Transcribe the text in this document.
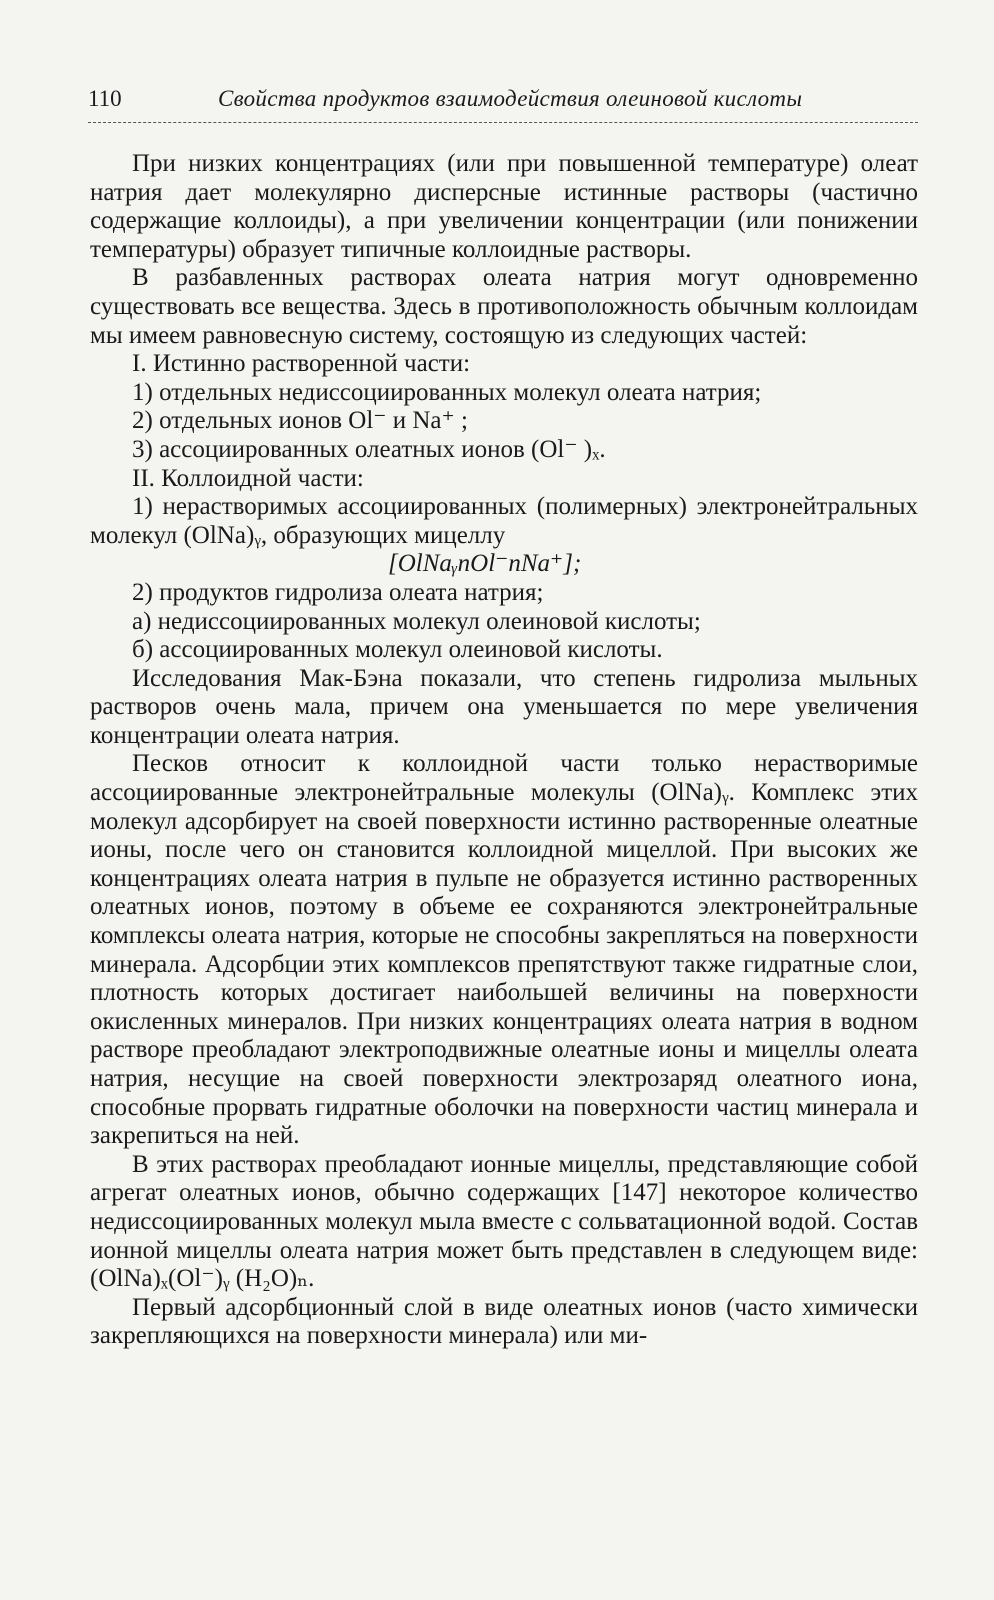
110	Свойства продуктов взаимодействия олеиновой кислоты

При низких концентрациях (или при повышенной температуре) олеат натрия дает молекулярно дисперсные истинные растворы (частично содержащие коллоиды), а при увеличении концентрации (или понижении температуры) образует типичные коллоидные растворы.

В разбавленных растворах олеата натрия могут одновременно существовать все вещества. Здесь в противоположность обычным коллоидам мы имеем равновесную систему, состоящую из следующих частей:

I. Истинно растворенной части:

1) отдельных недиссоциированных молекул олеата натрия;

2) отдельных ионов Ol⁻ и Na⁺ ;

3) ассоциированных олеатных ионов (Ol⁻ )ₓ.

II. Коллоидной части:

1) нерастворимых ассоциированных (полимерных) электронейтральных молекул (OlNa)ᵧ, образующих мицеллу

[OlNaᵧnOl⁻nNa⁺];

2) продуктов гидролиза олеата натрия;

а) недиссоциированных молекул олеиновой кислоты;

б) ассоциированных молекул олеиновой кислоты.

Исследования Мак-Бэна показали, что степень гидролиза мыльных растворов очень мала, причем она уменьшается по мере увеличения концентрации олеата натрия.

Песков относит к коллоидной части только нерастворимые ассоциированные электронейтральные молекулы (OlNa)ᵧ. Комплекс этих молекул адсорбирует на своей поверхности истинно растворенные олеатные ионы, после чего он становится коллоидной мицеллой. При высоких же концентрациях олеата натрия в пульпе не образуется истинно растворенных олеатных ионов, поэтому в объеме ее сохраняются электронейтральные комплексы олеата натрия, которые не способны закрепляться на поверхности минерала. Адсорбции этих комплексов препятствуют также гидратные слои, плотность которых достигает наибольшей величины на поверхности окисленных минералов. При низких концентрациях олеата натрия в водном растворе преобладают электроподвижные олеатные ионы и мицеллы олеата натрия, несущие на своей поверхности электрозаряд олеатного иона, способные прорвать гидратные оболочки на поверхности частиц минерала и закрепиться на ней.

В этих растворах преобладают ионные мицеллы, представляющие собой агрегат олеатных ионов, обычно содержащих [147] некоторое количество недиссоциированных молекул мыла вместе с сольватационной водой. Состав ионной мицеллы олеата натрия может быть представлен в следующем виде: (OlNa)ₓ(Ol⁻)ᵧ (H₂O)ₙ.

Первый адсорбционный слой в виде олеатных ионов (часто химически закрепляющихся на поверхности минерала) или ми-
